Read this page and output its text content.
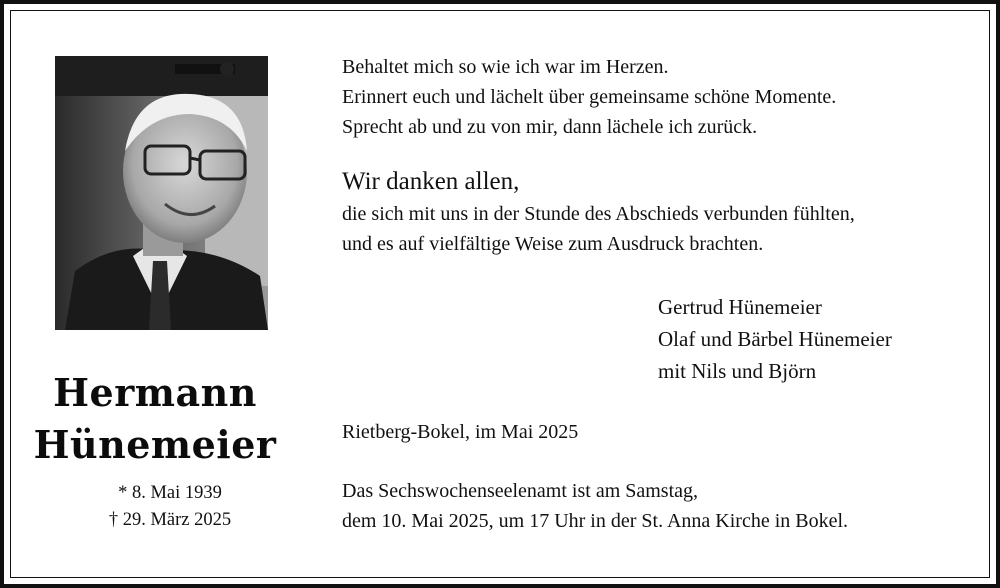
Hermann
Hünemeier
* 8. Mai 1939
† 29. März 2025
Behaltet mich so wie ich war im Herzen.
Erinnert euch und lächelt über gemeinsame schöne Momente.
Sprecht ab und zu von mir, dann lächele ich zurück.
Wir danken allen,
die sich mit uns in der Stunde des Abschieds verbunden fühlten,
und es auf vielfältige Weise zum Ausdruck brachten.
Gertrud Hünemeier
Olaf und Bärbel Hünemeier
mit Nils und Björn
Rietberg-Bokel, im Mai 2025
Das Sechswochenseelenamt ist am Samstag,
dem 10. Mai 2025, um 17 Uhr in der St. Anna Kirche in Bokel.
